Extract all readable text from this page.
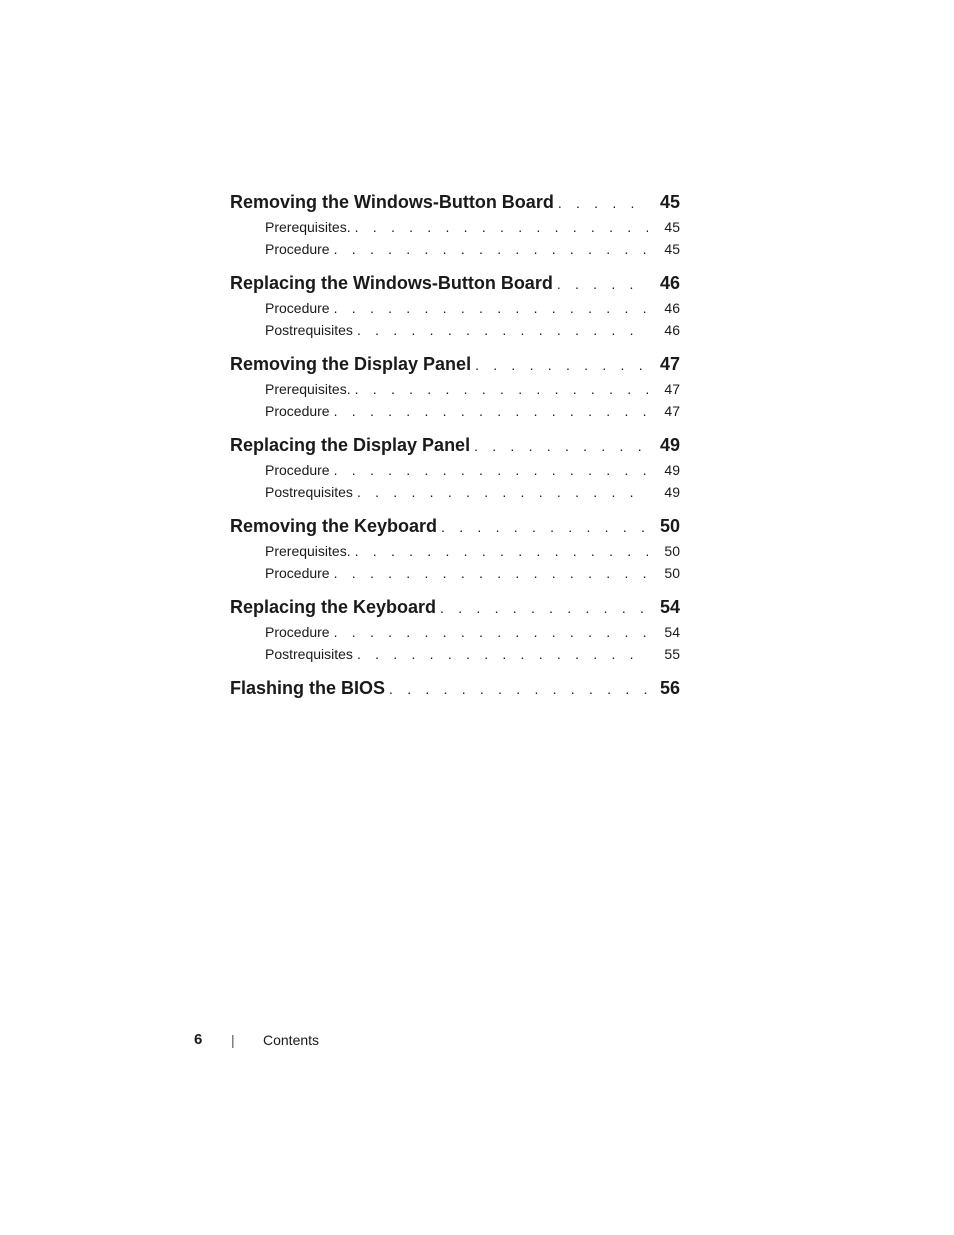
Removing the Windows-Button Board . . .	45
Prerequisites. . . .	45
Procedure . . .	45
Replacing the Windows-Button Board . . .	46
Procedure . . .	46
Postrequisites . . .	46
Removing the Display Panel . . .	47
Prerequisites. . . .	47
Procedure . . .	47
Replacing the Display Panel . . .	49
Procedure . . .	49
Postrequisites . . .	49
Removing the Keyboard . . .	50
Prerequisites. . . .	50
Procedure . . .	50
Replacing the Keyboard . . .	54
Procedure . . .	54
Postrequisites . . .	55
Flashing the BIOS . . .	56
6 | Contents
